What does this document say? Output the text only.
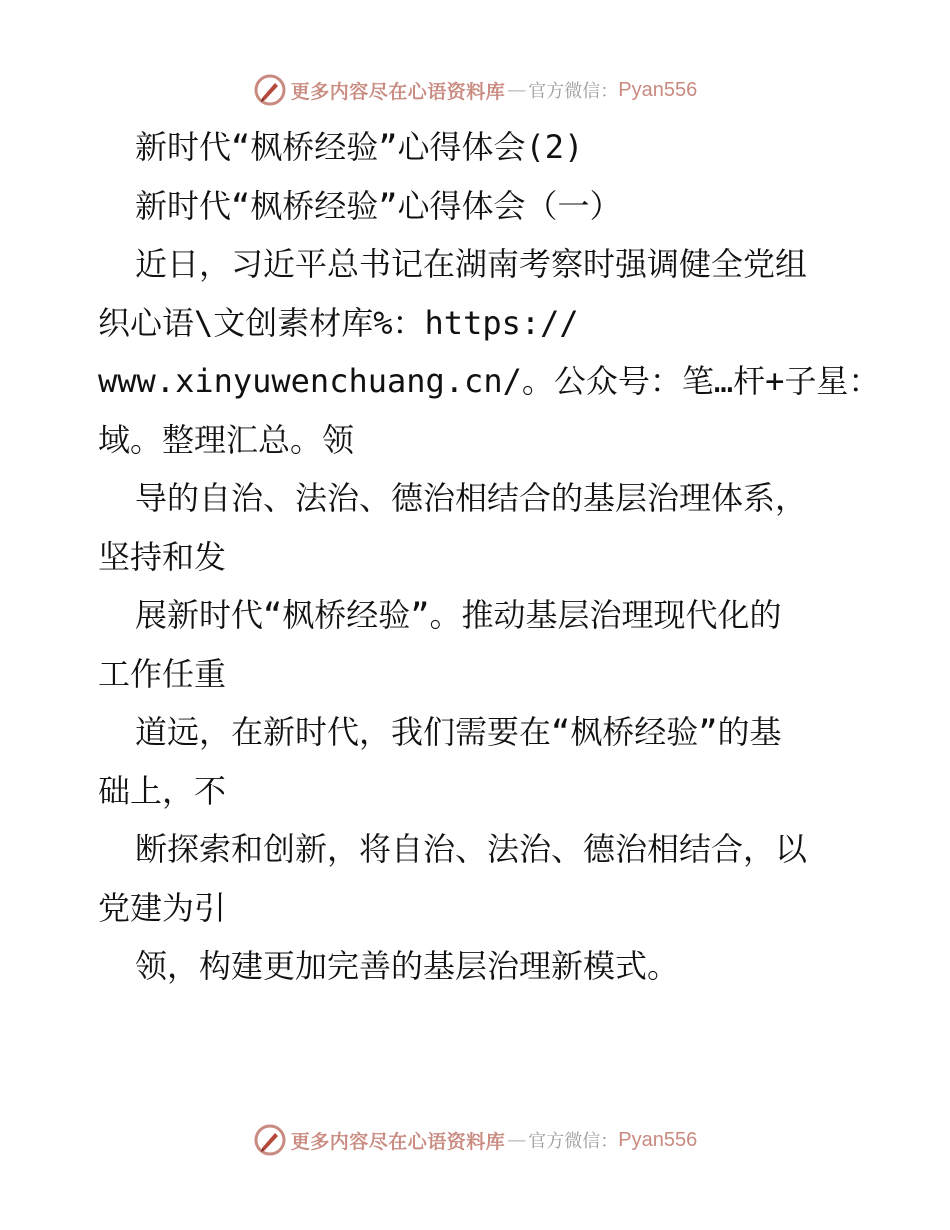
更多内容尽在心语资料库 — 官方微信： Pyan556

新时代“枫桥经验”心得体会(2)

新时代“枫桥经验”心得体会（一）

近日，习近平总书记在湖南考察时强调健全党组

织心语\文创素材库%：https://

www.xinyuwenchuang.cn/。公众号：笔…杆+子星：

域。整理汇总。领

导的自治、法治、德治相结合的基层治理体系，

坚持和发

展新时代“枫桥经验”。推动基层治理现代化的

工作任重

道远，在新时代，我们需要在“枫桥经验”的基

础上，不

断探索和创新，将自治、法治、德治相结合，以

党建为引

领，构建更加完善的基层治理新模式。

更多内容尽在心语资料库 — 官方微信： Pyan556
